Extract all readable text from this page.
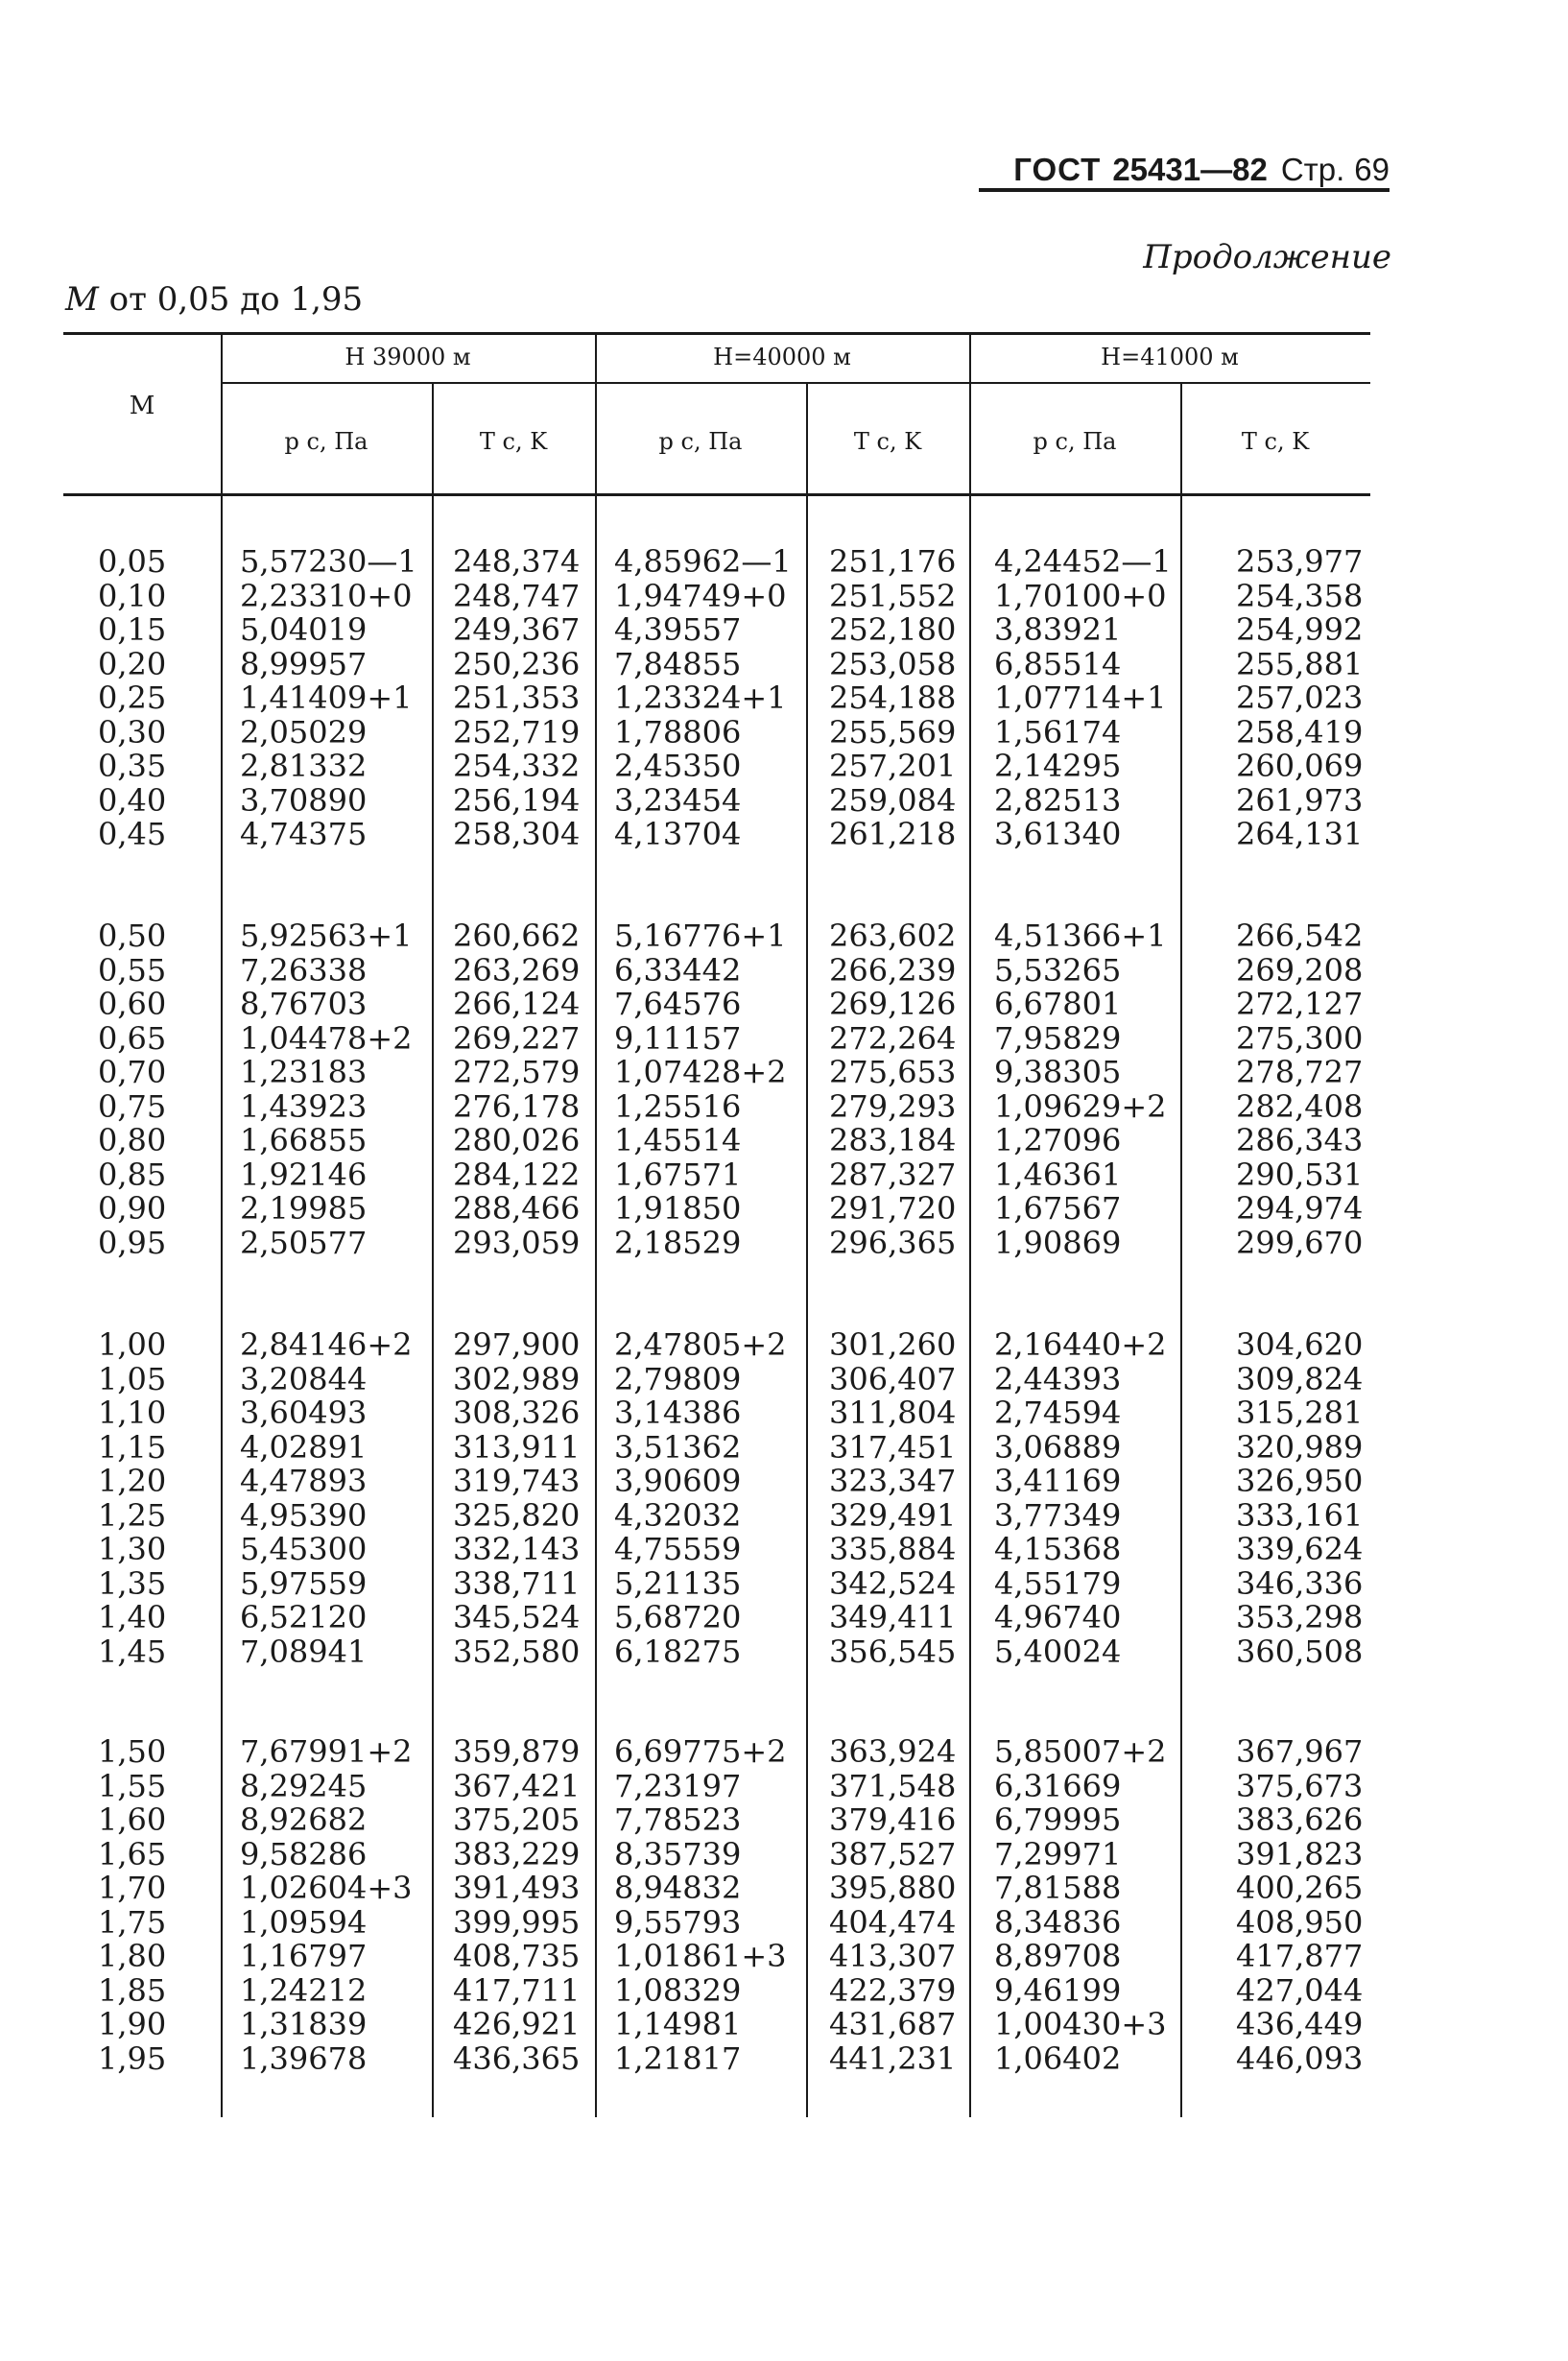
ГОСТ 25431—82 Стр. 69
Продолжение
M от 0,05 до 1,95
M
H 39000 м	H=40000 м	H=41000 м
p c, Па	T c, K	p c, Па	T c, K	p c, Па	T c, K
0,05 5,57230—1 248,374 4,85962—1 251,176 4,24452—1 253,977
0,10 2,23310+0 248,747 1,94749+0 251,552 1,70100+0 254,358
0,15 5,04019	249,367 4,39557	252,180 3,83921	254,992
0,20 8,99957	250,236 7,84855	253,058 6,85514	255,881
0,25 1,41409+1 251,353 1,23324+1 254,188 1,07714+1 257,023
0,30 2,05029	252,719 1,78806	255,569 1,56174	258,419
0,35 2,81332	254,332 2,45350	257,201 2,14295	260,069
0,40 3,70890	256,194 3,23454	259,084 2,82513	261,973
0,45 4,74375	258,304 4,13704	261,218 3,61340	264,131
0,50 5,92563+1 260,662 5,16776+1 263,602 4,51366+1 266,542
0,55 7,26338	263,269 6,33442	266,239 5,53265	269,208
0,60 8,76703	266,124 7,64576	269,126 6,67801	272,127
0,65 1,04478+2 269,227 9,11157	272,264 7,95829	275,300
0,70 1,23183	272,579 1,07428+2 275,653 9,38305	278,727
0,75 1,43923	276,178 1,25516	279,293 1,09629+2 282,408
0,80 1,66855	280,026 1,45514	283,184 1,27096	286,343
0,85 1,92146	284,122 1,67571	287,327 1,46361	290,531
0,90 2,19985	288,466 1,91850	291,720 1,67567	294,974
0,95 2,50577	293,059 2,18529	296,365 1,90869	299,670
1,00 2,84146+2 297,900 2,47805+2 301,260 2,16440+2 304,620
1,05 3,20844	302,989 2,79809	306,407 2,44393	309,824
1,10 3,60493	308,326 3,14386	311,804 2,74594	315,281
1,15 4,02891	313,911 3,51362	317,451 3,06889	320,989
1,20 4,47893	319,743 3,90609	323,347 3,41169	326,950
1,25 4,95390	325,820 4,32032	329,491 3,77349	333,161
1,30 5,45300	332,143 4,75559	335,884 4,15368	339,624
1,35 5,97559	338,711 5,21135	342,524 4,55179	346,336
1,40 6,52120	345,524 5,68720	349,411 4,96740	353,298
1,45 7,08941	352,580 6,18275	356,545 5,40024	360,508
1,50 7,67991+2 359,879 6,69775+2 363,924 5,85007+2 367,967
1,55 8,29245	367,421 7,23197	371,548 6,31669	375,673
1,60 8,92682	375,205 7,78523	379,416 6,79995	383,626
1,65 9,58286	383,229 8,35739	387,527 7,29971	391,823
1,70 1,02604+3 391,493 8,94832	395,880 7,81588	400,265
1,75 1,09594	399,995 9,55793	404,474 8,34836	408,950
1,80 1,16797	408,735 1,01861+3 413,307 8,89708	417,877
1,85 1,24212	417,711 1,08329	422,379 9,46199	427,044
1,90 1,31839	426,921 1,14981	431,687 1,00430+3 436,449
1,95 1,39678	436,365 1,21817	441,231 1,06402	446,093
